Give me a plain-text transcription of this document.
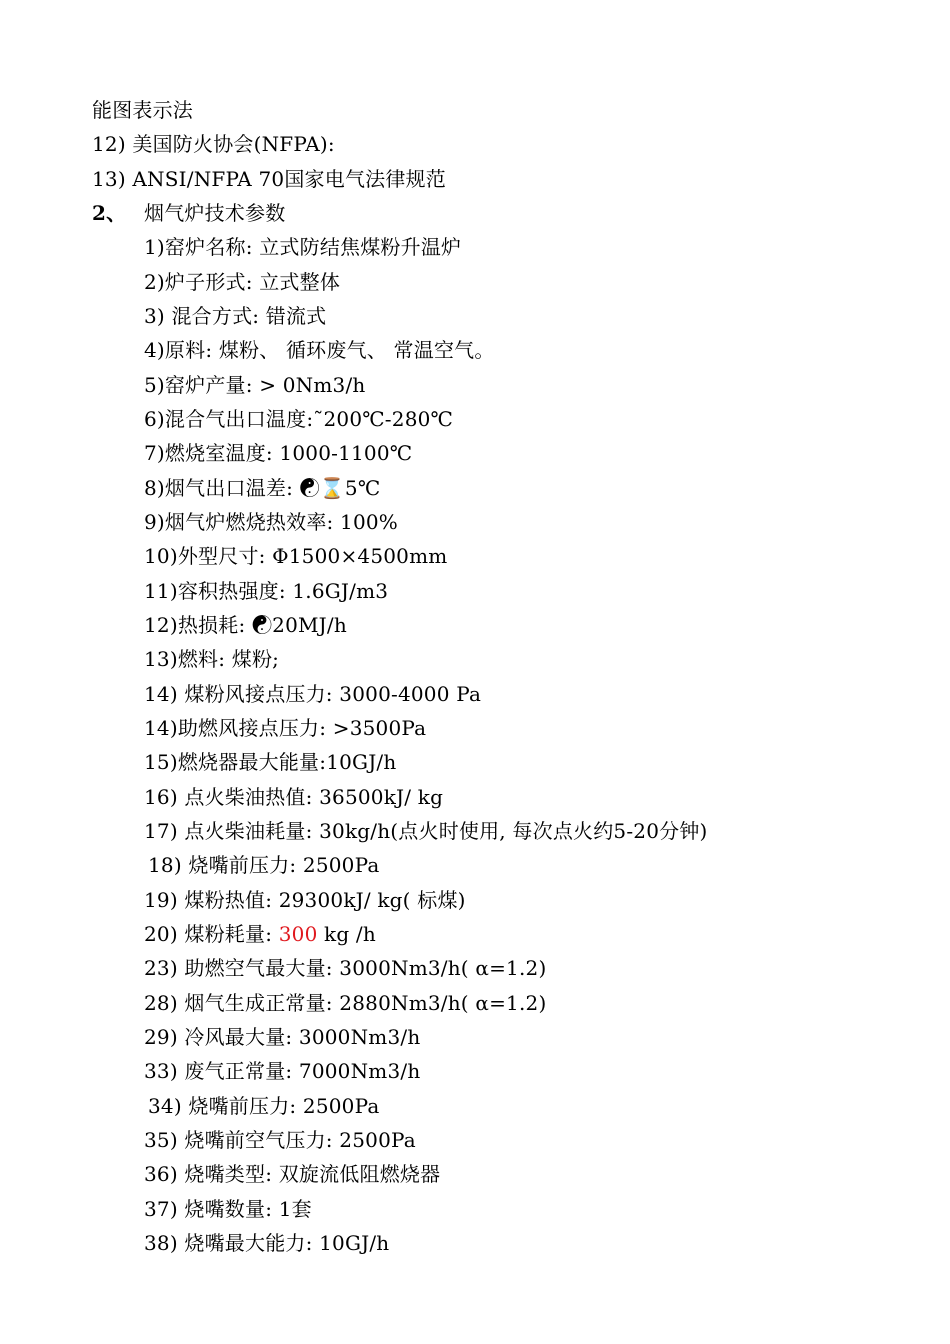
能图表示法
12) 美国防火协会(NFPA):
13) ANSI/NFPA 70国家电气法律规范
2、 烟气炉技术参数
1)窑炉名称: 立式防结焦煤粉升温炉
2)炉子形式: 立式整体
3) 混合方式: 错流式
4)原料: 煤粉、 循环废气、 常温空气。
5)窑炉产量: > 0Nm3/h
6)混合气出口温度:˜200℃-280℃
7)燃烧室温度: 1000-1100℃
8)烟气出口温差: ☯⌛5℃
9)烟气炉燃烧热效率: 100%
10)外型尺寸: Φ1500×4500mm
11)容积热强度: 1.6GJ/m3
12)热损耗: ☯20MJ/h
13)燃料: 煤粉;
14) 煤粉风接点压力: 3000-4000 Pa
14)助燃风接点压力: >3500Pa
15)燃烧器最大能量:10GJ/h
16) 点火柴油热值: 36500kJ/ kg
17) 点火柴油耗量: 30kg/h(点火时使用, 每次点火约5-20分钟)
18) 烧嘴前压力: 2500Pa
19) 煤粉热值: 29300kJ/ kg( 标煤)
20) 煤粉耗量: 300 kg /h
23) 助燃空气最大量: 3000Nm3/h( α=1.2)
28) 烟气生成正常量: 2880Nm3/h( α=1.2)
29) 冷风最大量: 3000Nm3/h
33) 废气正常量: 7000Nm3/h
34) 烧嘴前压力: 2500Pa
35) 烧嘴前空气压力: 2500Pa
36) 烧嘴类型: 双旋流低阻燃烧器
37) 烧嘴数量: 1套
38) 烧嘴最大能力: 10GJ/h
